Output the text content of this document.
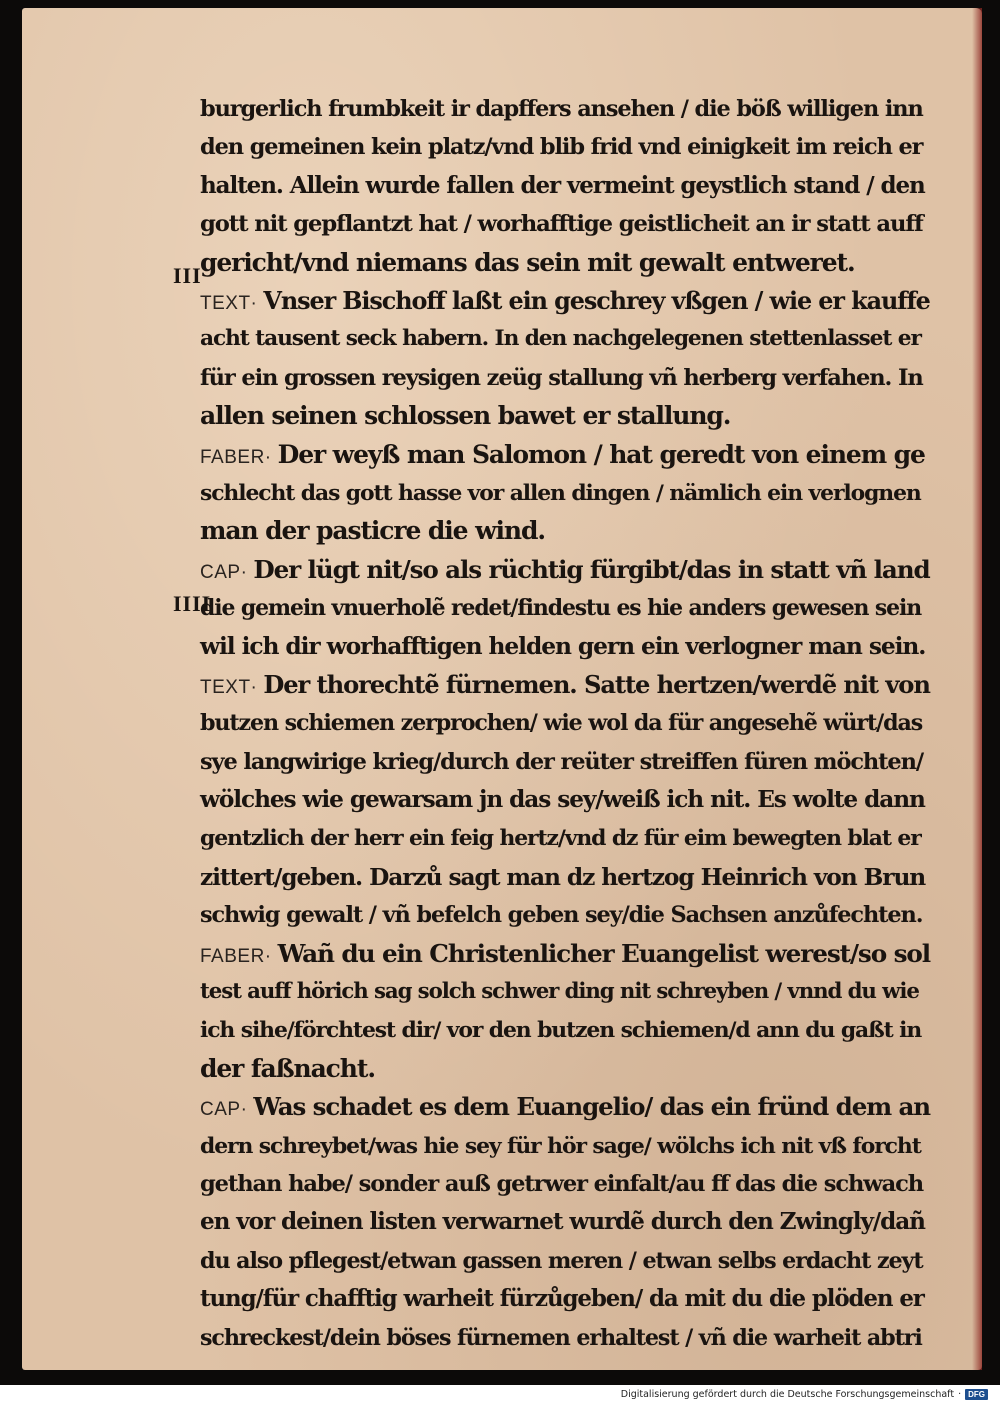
III
IIII
burgerlich frumbkeit ir dapffers ansehen / die böß willigen inn
den gemeinen kein platz/vnd blib frid vnd einigkeit im reich er
halten. Allein wurde fallen der vermeint geystlich stand / den
gott nit gepflantzt hat / worhafftige geistlicheit an ir statt auff
gericht/vnd niemans das sein mit gewalt entweret.
TEXT· Vnser Bischoff laßt ein geschrey vßgen / wie er kauffe
acht tausent seck habern. In den nachgelegenen stettenlasset er
für ein grossen reysigen zeüg stallung vñ herberg verfahen. In
allen seinen schlossen bawet er stallung.
FABER· Der weyß man Salomon / hat geredt von einem ge
schlecht das gott hasse vor allen dingen / nämlich ein verlognen
man der pasticre die wind.
CAP· Der lügt nit/so als rüchtig fürgibt/das in statt vñ land
die gemein vnuerholẽ redet/findestu es hie anders gewesen sein
wil ich dir worhafftigen helden gern ein verlogner man sein.
TEXT· Der thorechtẽ fürnemen. Satte hertzen/werdẽ nit von
butzen schiemen zerprochen/ wie wol da für angesehẽ würt/das
sye langwirige krieg/durch der reüter streiffen füren möchten/
wölches wie gewarsam jn das sey/weiß ich nit. Es wolte dann
gentzlich der herr ein feig hertz/vnd dz für eim bewegten blat er
zittert/geben. Darzů sagt man dz hertzog Heinrich von Brun
schwig gewalt / vñ befelch geben sey/die Sachsen anzůfechten.
FABER· Wañ du ein Christenlicher Euangelist werest/so sol
test auff hörich sag solch schwer ding nit schreyben / vnnd du wie
ich sihe/förchtest dir/ vor den butzen schiemen/d ann du gaßt in
der faßnacht.
CAP· Was schadet es dem Euangelio/ das ein fründ dem an
dern schreybet/was hie sey für hör sage/ wölchs ich nit vß forcht
gethan habe/ sonder auß getrwer einfalt/au ff das die schwach
en vor deinen listen verwarnet wurdẽ durch den Zwingly/dañ
du also pflegest/etwan gassen meren / etwan selbs erdacht zeyt
tung/für chafftig warheit fürzůgeben/ da mit du die plöden er
schreckest/dein böses fürnemen erhaltest / vñ die warheit abtri
Digitalisierung gefördert durch die Deutsche Forschungsgemeinschaft · DFG
